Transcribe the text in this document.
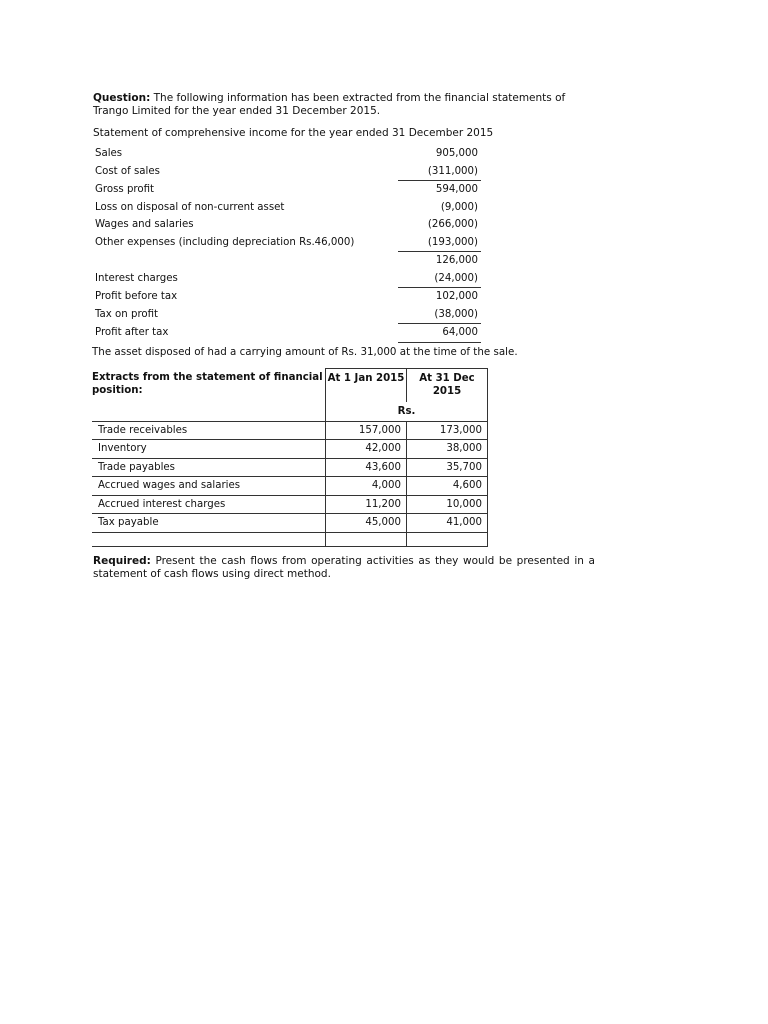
Question: The following information has been extracted from the financial statements of Trango Limited for the year ended 31 December 2015.

Statement of comprehensive income for the year ended 31 December 2015
Sales	905,000
Cost of sales	(311,000)
Gross profit	594,000
Loss on disposal of non-current asset	(9,000)
Wages and salaries	(266,000)
Other expenses (including depreciation Rs.46,000)	(193,000)
	126,000
Interest charges	(24,000)
Profit before tax	102,000
Tax on profit	(38,000)
Profit after tax	64,000
The asset disposed of had a carrying amount of Rs. 31,000 at the time of the sale.
Extracts from the statement of financial position:	At 1 Jan 2015	At 31 Dec 2015
	Rs.	
Trade receivables	157,000	173,000
Inventory	42,000	38,000
Trade payables	43,600	35,700
Accrued wages and salaries	4,000	4,600
Accrued interest charges	11,200	10,000
Tax payable	45,000	41,000

Required: Present the cash flows from operating activities as they would be presented in a statement of cash flows using direct method.
